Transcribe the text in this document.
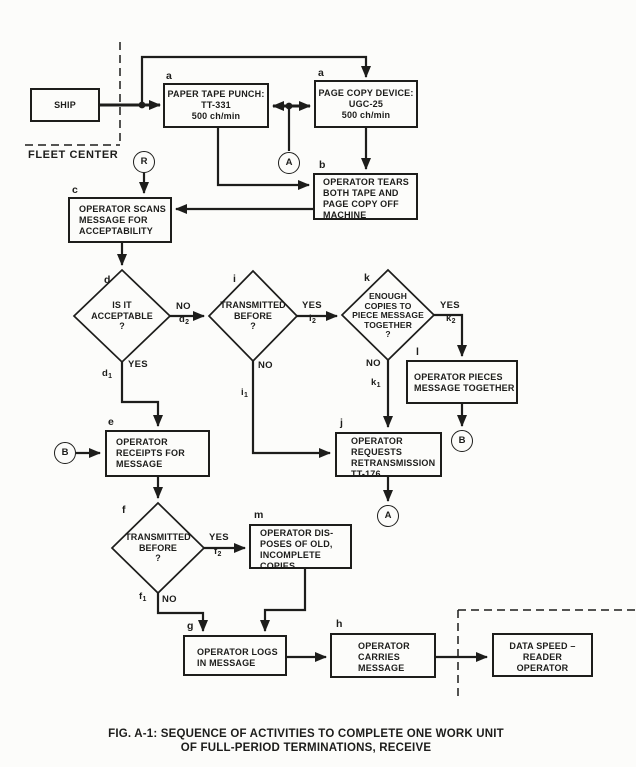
FLEET CENTER
SHIP
a
PAPER TAPE PUNCH:
TT-331
500 ch/min
a
PAGE COPY DEVICE:
UGC-25
500 ch/min
b
OPERATOR TEARS
BOTH TAPE AND
PAGE COPY OFF
MACHINE
c
OPERATOR SCANS
MESSAGE FOR
ACCEPTABILITY
d
IS IT
ACCEPTABLE
?
i
TRANSMITTED
BEFORE
?
k
ENOUGH
COPIES TO
PIECE MESSAGE
TOGETHER
?
l
OPERATOR PIECES
MESSAGE TOGETHER
j
OPERATOR
REQUESTS
RETRANSMISSION
TT-176
e
OPERATOR
RECEIPTS FOR
MESSAGE
f
TRANSMITTED
BEFORE
?
m
OPERATOR DIS-
POSES OF OLD,
INCOMPLETE
COPIES
g
OPERATOR LOGS
IN MESSAGE
h
OPERATOR
CARRIES
MESSAGE
DATA SPEED –
READER
OPERATOR
R	A
B
A
B
NO
$d_2$
YES
$d_1$
YES
$i_2$
NO
$i_1$
YES
$k_2$
NO
$k_1$
YES
$f_2$
NO
$f_1$
FIG. A-1: SEQUENCE OF ACTIVITIES TO COMPLETE ONE WORK UNIT
OF FULL-PERIOD TERMINATIONS, RECEIVE
